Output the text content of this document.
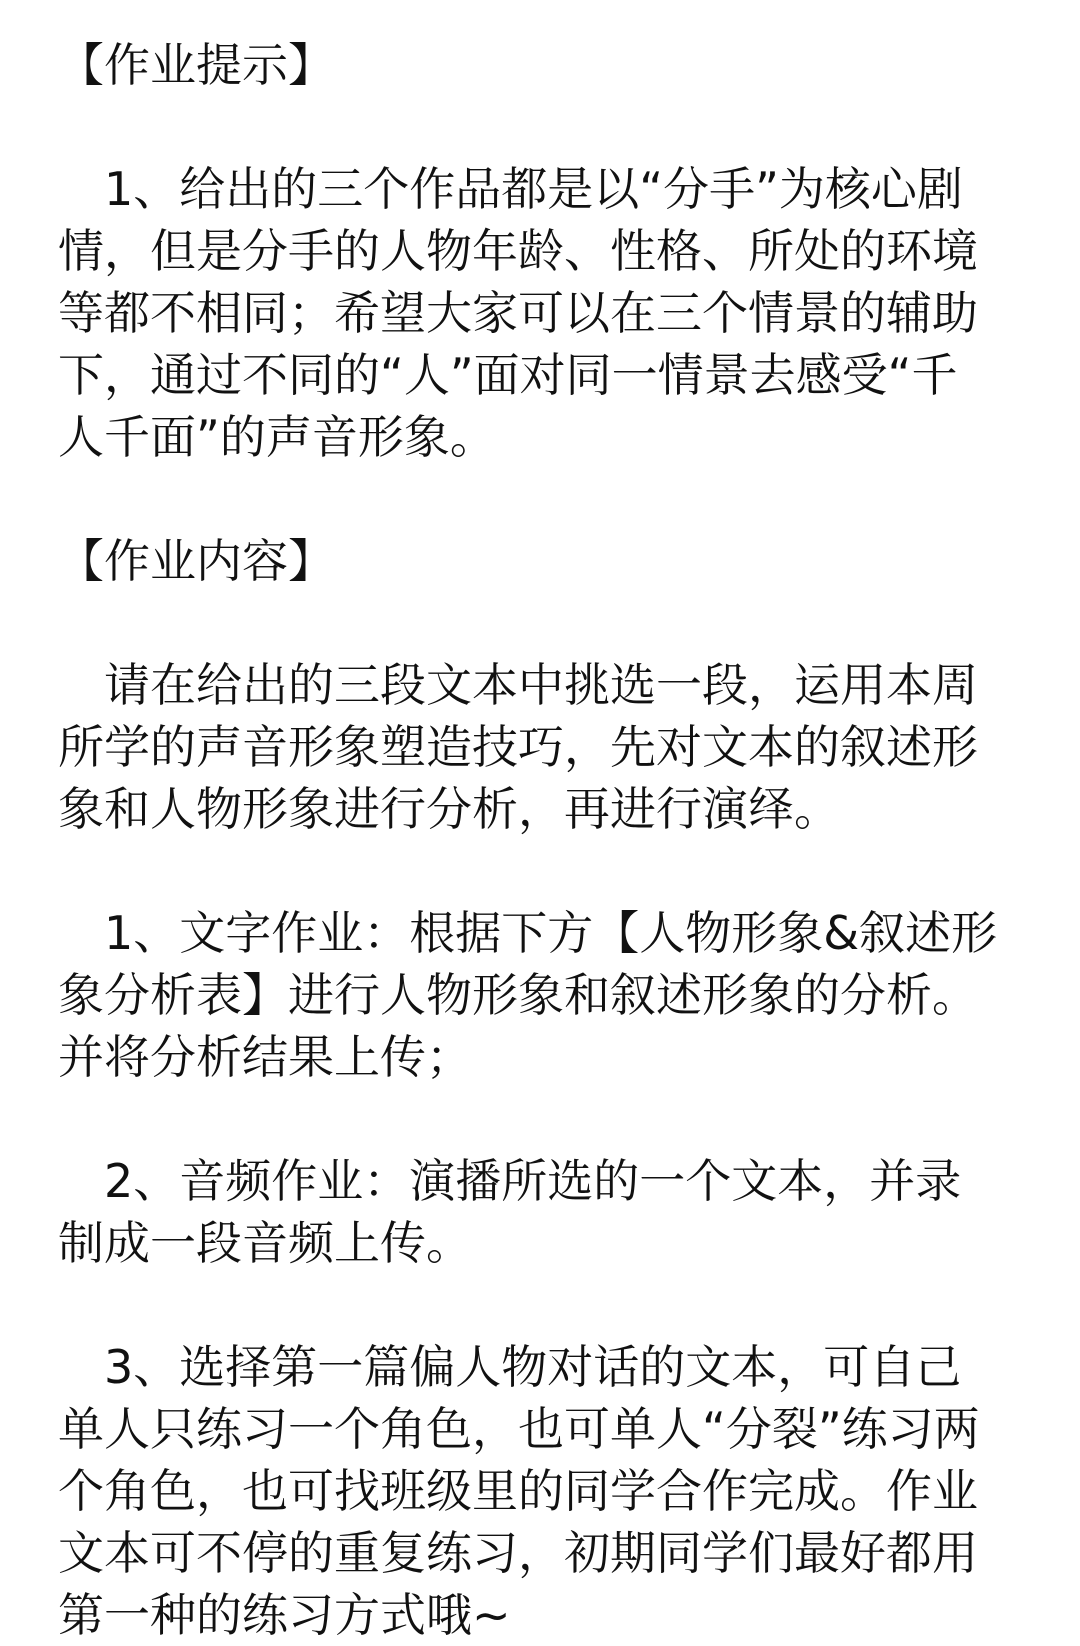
【作业提示】

1、给出的三个作品都是以“分手”为核心剧情，但是分手的人物年龄、性格、所处的环境等都不相同；希望大家可以在三个情景的辅助下，通过不同的“人”面对同一情景去感受“千人千面”的声音形象。

【作业内容】

请在给出的三段文本中挑选一段，运用本周所学的声音形象塑造技巧，先对文本的叙述形象和人物形象进行分析，再进行演绎。

1、文字作业：根据下方【人物形象&叙述形象分析表】进行人物形象和叙述形象的分析。并将分析结果上传；

2、音频作业：演播所选的一个文本，并录制成一段音频上传。

3、选择第一篇偏人物对话的文本，可自己单人只练习一个角色，也可单人“分裂”练习两个角色，也可找班级里的同学合作完成。作业文本可不停的重复练习，初期同学们最好都用第一种的练习方式哦~
